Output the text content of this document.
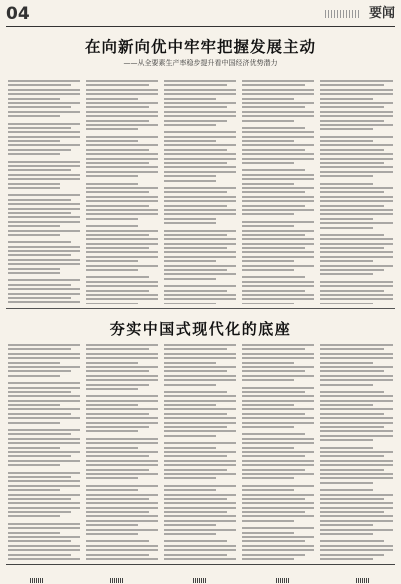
04	要闻
在向新向优中牢牢把握发展主动
——从全要素生产率稳步提升看中国经济优势潜力
夯实中国式现代化的底座
